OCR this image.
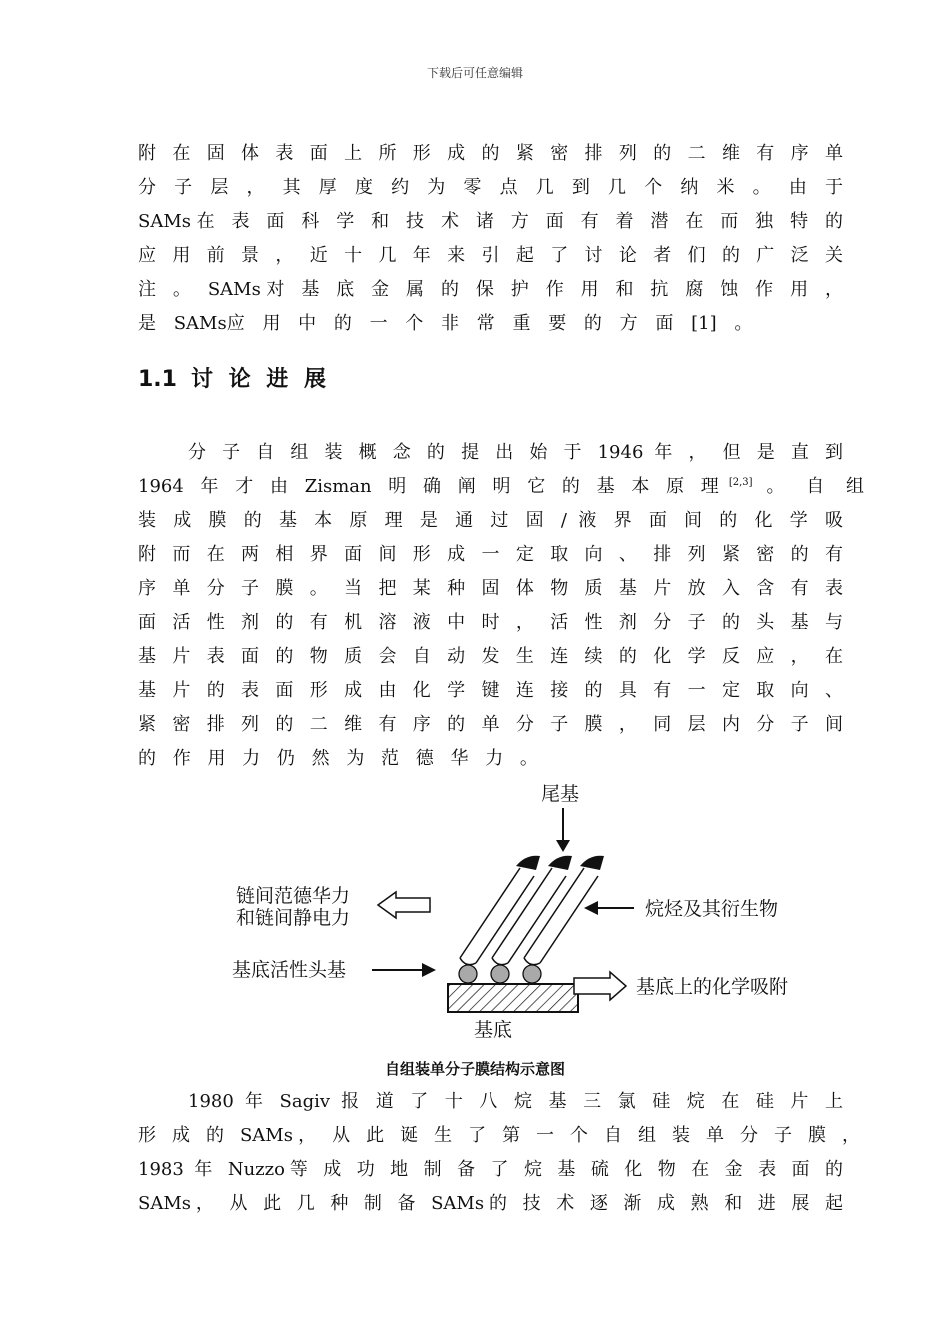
下载后可任意编辑
附 在 固 体 表 面 上 所 形 成 的 紧 密 排 列 的 二 维 有 序 单
分 子 层 ， 其 厚 度 约 为 零 点 几 到 几 个 纳 米 。 由 于
SAMs在 表 面 科 学 和 技 术 诸 方 面 有 着 潜 在 而 独 特 的
应 用 前 景 ， 近 十 几 年 来 引 起 了 讨 论 者 们 的 广 泛 关
注 。 SAMs对 基 底 金 属 的 保 护 作 用 和 抗 腐 蚀 作 用 ，
是 SAMs应 用 中 的 一 个 非 常 重 要 的 方 面 [1] 。
1.1 讨 论 进 展
分 子 自 组 装 概 念 的 提 出 始 于 1946 年 ， 但 是 直 到
1964 年 才 由 Zisman 明 确 阐 明 它 的 基 本 原 理 [2,3] 。 自 组
装 成 膜 的 基 本 原 理 是 通 过 固 / 液 界 面 间 的 化 学 吸
附 而 在 两 相 界 面 间 形 成 一 定 取 向 、 排 列 紧 密 的 有
序 单 分 子 膜 。 当 把 某 种 固 体 物 质 基 片 放 入 含 有 表
面 活 性 剂 的 有 机 溶 液 中 时 ， 活 性 剂 分 子 的 头 基 与
基 片 表 面 的 物 质 会 自 动 发 生 连 续 的 化 学 反 应 ， 在
基 片 的 表 面 形 成 由 化 学 键 连 接 的 具 有 一 定 取 向 、
紧 密 排 列 的 二 维 有 序 的 单 分 子 膜 ， 同 层 内 分 子 间
的 作 用 力 仍 然 为 范 德 华 力 。
尾基
烷烃及其衍生物
链间范德华力
和链间静电力
基底活性头基
基底
基底上的化学吸附
自组装单分子膜结构示意图
1980 年 Sagiv 报 道 了 十 八 烷 基 三 氯 硅 烷 在 硅 片 上
形 成 的 SAMs， 从 此 诞 生 了 第 一 个 自 组 装 单 分 子 膜 ，
1983 年 Nuzzo等 成 功 地 制 备 了 烷 基 硫 化 物 在 金 表 面 的
SAMs， 从 此 几 种 制 备 SAMs的 技 术 逐 渐 成 熟 和 进 展 起
